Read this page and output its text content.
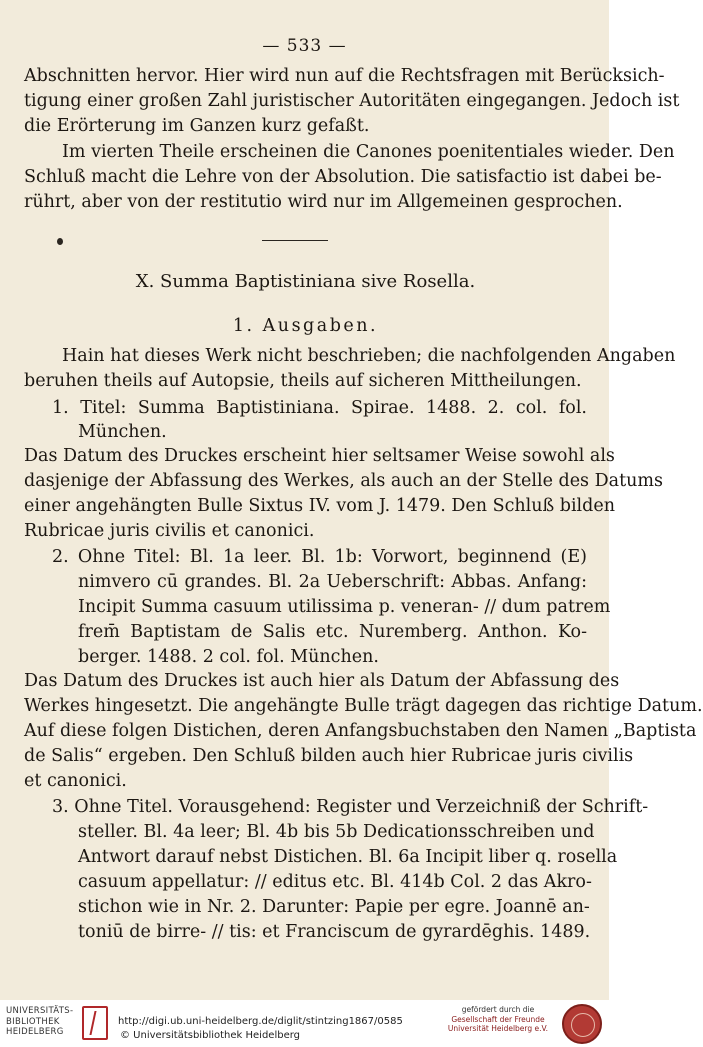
— 533 —
Abschnitten hervor. Hier wird nun auf die Rechtsfragen mit Berücksich-
tigung einer großen Zahl juristischer Autoritäten eingegangen. Jedoch ist
die Erörterung im Ganzen kurz gefaßt.
Im vierten Theile erscheinen die Canones poenitentiales wieder. Den
Schluß macht die Lehre von der Absolution. Die satisfactio ist dabei be-
rührt, aber von der restitutio wird nur im Allgemeinen gesprochen.
X. Summa Baptistiniana sive Rosella.
1. Ausgaben.
Hain hat dieses Werk nicht beschrieben; die nachfolgenden Angaben
beruhen theils auf Autopsie, theils auf sicheren Mittheilungen.
1. Titel: Summa Baptistiniana. Spirae. 1488. 2. col. fol.
München.
Das Datum des Druckes erscheint hier seltsamer Weise sowohl als
dasjenige der Abfassung des Werkes, als auch an der Stelle des Datums
einer angehängten Bulle Sixtus IV. vom J. 1479. Den Schluß bilden
Rubricae juris civilis et canonici.
2. Ohne Titel: Bl. 1a leer. Bl. 1b: Vorwort, beginnend (E)
nimvero cū grandes. Bl. 2a Ueberschrift: Abbas. Anfang:
Incipit Summa casuum utilissima p. veneran- // dum patrem
frem̄ Baptistam de Salis etc. Nuremberg. Anthon. Ko-
berger. 1488. 2 col. fol. München.
Das Datum des Druckes ist auch hier als Datum der Abfassung des
Werkes hingesetzt. Die angehängte Bulle trägt dagegen das richtige Datum.
Auf diese folgen Distichen, deren Anfangsbuchstaben den Namen „Baptista
de Salis“ ergeben. Den Schluß bilden auch hier Rubricae juris civilis
et canonici.
3. Ohne Titel. Vorausgehend: Register und Verzeichniß der Schrift-
steller. Bl. 4a leer; Bl. 4b bis 5b Dedicationsschreiben und
Antwort darauf nebst Distichen. Bl. 6a Incipit liber q. rosella
casuum appellatur: // editus etc. Bl. 414b Col. 2 das Akro-
stichon wie in Nr. 2. Darunter: Papie per egre. Joannē an-
toniū de birre- // tis: et Franciscum de gyrardēghis. 1489.
UNIVERSITÄTS-
BIBLIOTHEK
HEIDELBERG
http://digi.ub.uni-heidelberg.de/diglit/stintzing1867/0585
© Universitätsbibliothek Heidelberg
gefördert durch die
Gesellschaft der Freunde
Universität Heidelberg e.V.
